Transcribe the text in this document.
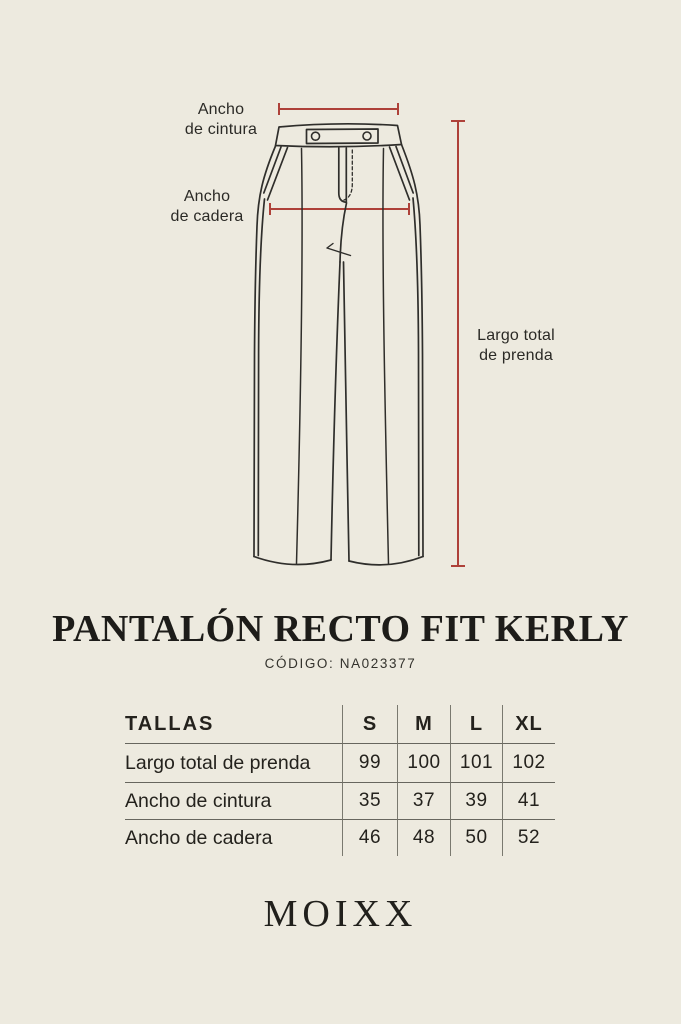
Ancho
de cintura
Ancho
de cadera
Largo total
de prenda
PANTALÓN RECTO FIT KERLY
CÓDIGO: NA023377
TALLAS	S	M	L	XL
Largo total de prenda	99	100	101	102
Ancho de cintura	35	37	39	41
Ancho de cadera	46	48	50	52
MOIXX
